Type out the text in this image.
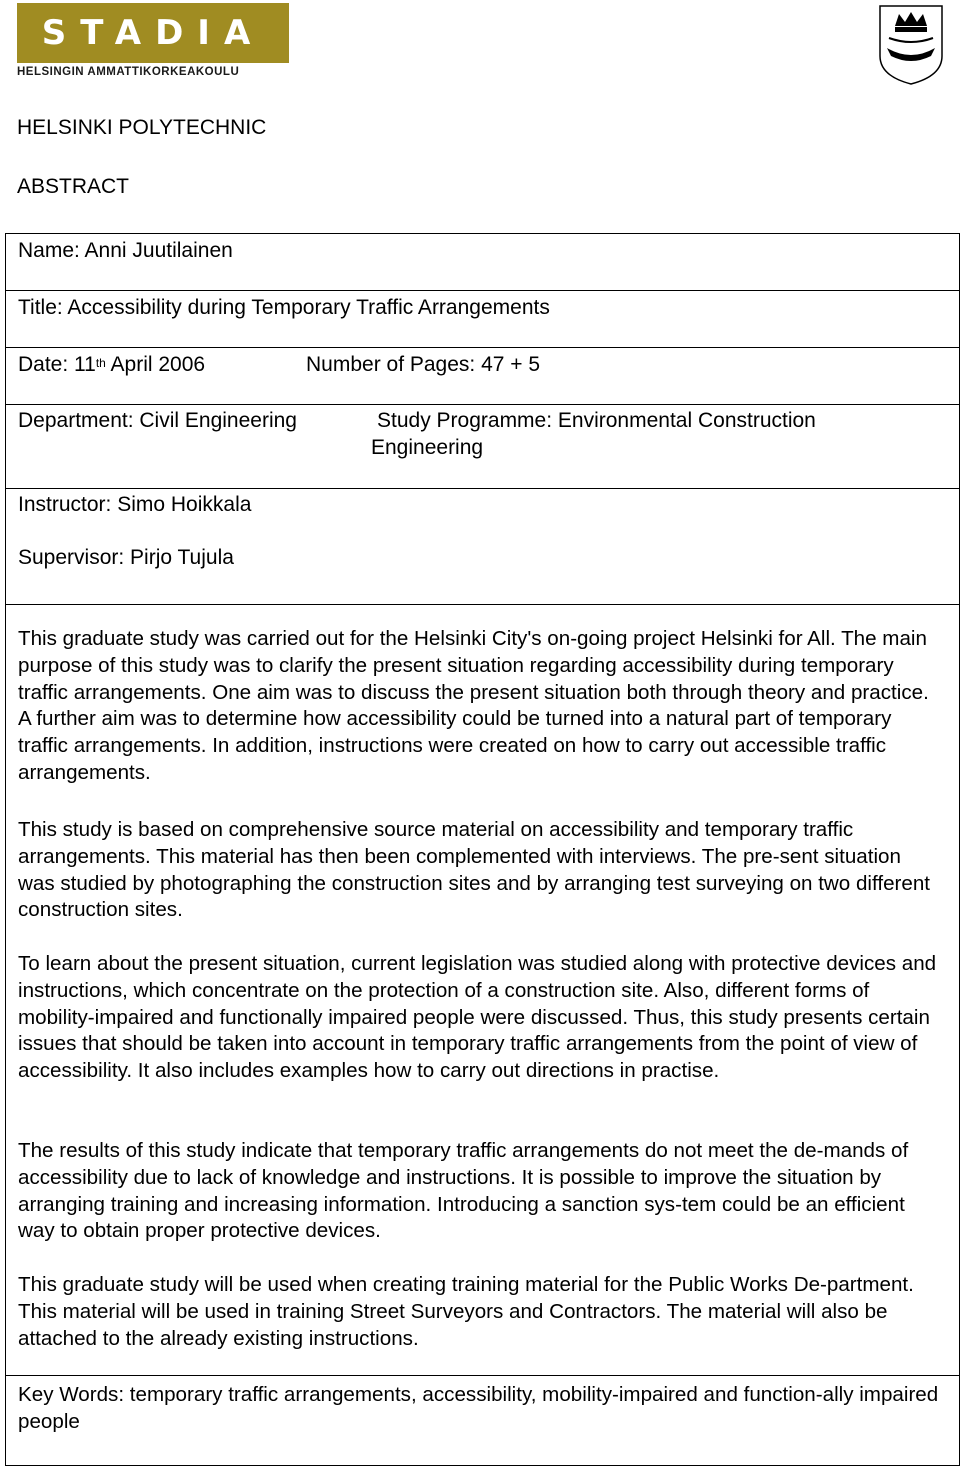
STADIA
HELSINGIN AMMATTIKORKEAKOULU
HELSINKI POLYTECHNIC
ABSTRACT
Name: Anni Juutilainen
Title: Accessibility during Temporary Traffic Arrangements
Date: 11th April 2006	Number of Pages: 47 + 5
Department: Civil Engineering	Study Programme: Environmental Construction
Engineering
Instructor: Simo Hoikkala
Supervisor: Pirjo Tujula
This graduate study was carried out for the Helsinki City's on-going project Helsinki for All. The main purpose of this study was to clarify the present situation regarding accessibility during temporary traffic arrangements. One aim was to discuss the present situation both through theory and practice. A further aim was to determine how accessibility could be turned into a natural part of temporary traffic arrangements. In addition, instructions were created on how to carry out accessible traffic arrangements.
This study is based on comprehensive source material on accessibility and temporary traffic arrangements. This material has then been complemented with interviews. The pre-sent situation was studied by photographing the construction sites and by arranging test surveying on two different construction sites.
To learn about the present situation, current legislation was studied along with protective devices and instructions, which concentrate on the protection of a construction site. Also, different forms of mobility-impaired and functionally impaired people were discussed. Thus, this study presents certain issues that should be taken into account in temporary traffic arrangements from the point of view of accessibility. It also includes examples how to carry out directions in practise.
The results of this study indicate that temporary traffic arrangements do not meet the de-mands of accessibility due to lack of knowledge and instructions. It is possible to improve the situation by arranging training and increasing information. Introducing a sanction sys-tem could be an efficient way to obtain proper protective devices.
This graduate study will be used when creating training material for the Public Works De-partment. This material will be used in training Street Surveyors and Contractors. The material will also be attached to the already existing instructions.
Key Words: temporary traffic arrangements, accessibility, mobility-impaired and function-ally impaired people
